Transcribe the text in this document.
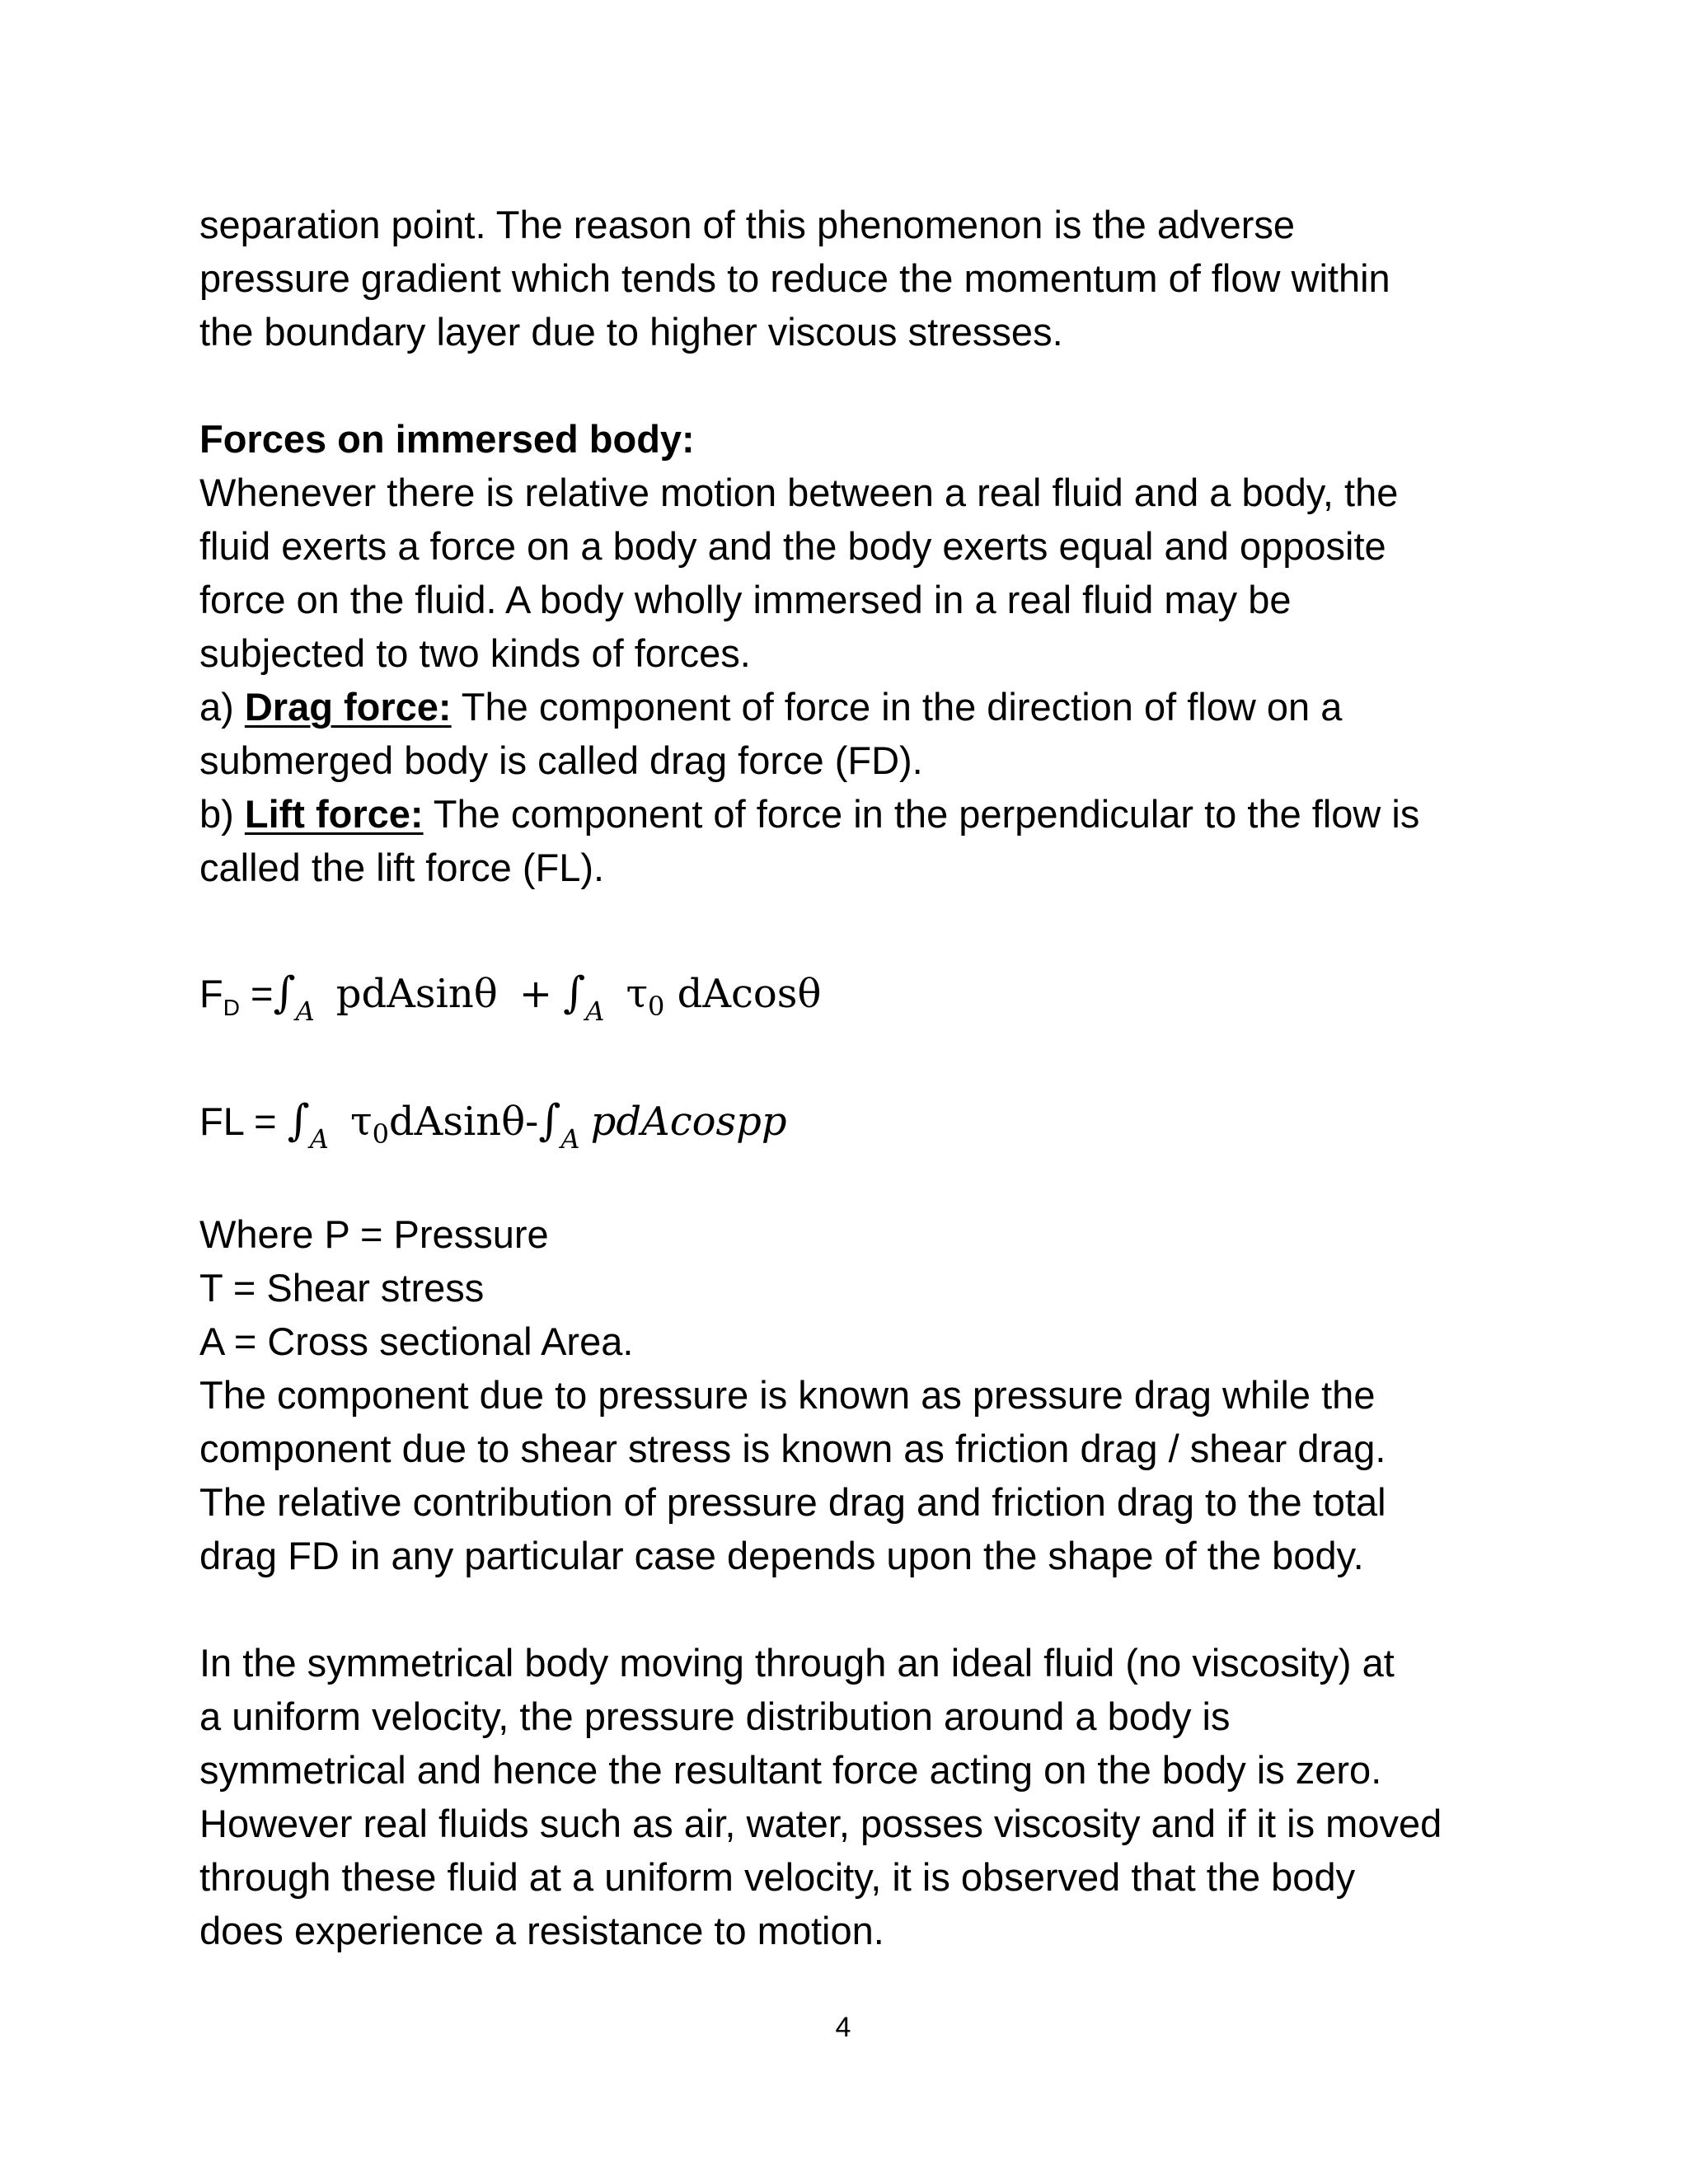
separation point. The reason of this phenomenon is the adverse
pressure gradient which tends to reduce the momentum of flow within
the boundary layer due to higher viscous stresses.
Forces on immersed body:
Whenever there is relative motion between a real fluid and a body, the
fluid exerts a force on a body and the body exerts equal and opposite
force on the fluid. A body wholly immersed in a real fluid may be
subjected to two kinds of forces.
a) Drag force: The component of force in the direction of flow on a
submerged body is called drag force (FD).
b) Lift force: The component of force in the perpendicular to the flow is
called the lift force (FL).
$F_D =\int_A$ $pdAsin\theta + \int_A$ $\tau_0$ dAcosθ
FL = $\int_A$ $\tau_0dAsin\theta-\int_A$ pdAcospp
Where P = Pressure
T = Shear stress
A = Cross sectional Area.
The component due to pressure is known as pressure drag while the
component due to shear stress is known as friction drag / shear drag.
The relative contribution of pressure drag and friction drag to the total
drag FD in any particular case depends upon the shape of the body.
In the symmetrical body moving through an ideal fluid (no viscosity) at
a uniform velocity, the pressure distribution around a body is
symmetrical and hence the resultant force acting on the body is zero.
However real fluids such as air, water, posses viscosity and if it is moved
through these fluid at a uniform velocity, it is observed that the body
does experience a resistance to motion.
4
